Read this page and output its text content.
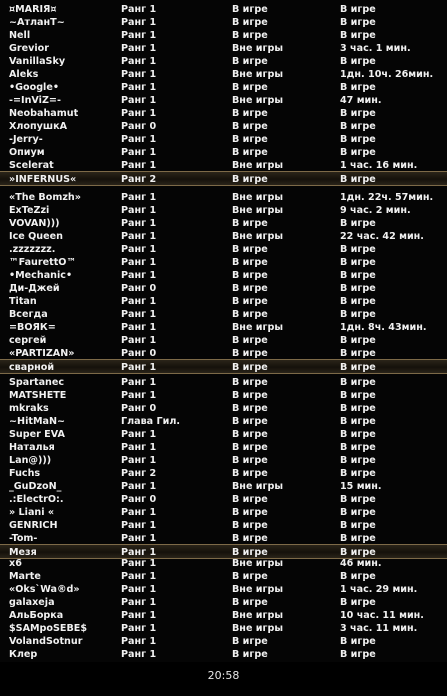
¤MARIЯ¤	Ранг 1	В игре	В игре
~АтланТ~	Ранг 1	В игре	В игре
Nell	Ранг 1	В игре	В игре
Grevior	Ранг 1	Вне игры	3 час. 1 мин.
VanillaSky	Ранг 1	В игре	В игре
Aleks	Ранг 1	Вне игры	1дн. 10ч. 26мин.
•Google•	Ранг 1	В игре	В игре
-=InViZ=-	Ранг 1	Вне игры	47 мин.
Neobahamut	Ранг 1	В игре	В игре
ХлопушкА	Ранг 0	В игре	В игре
-Jerry-	Ранг 1	В игре	В игре
Опиум	Ранг 1	В игре	В игре
Scelerat	Ранг 1	Вне игры	1 час. 16 мин.
»INFERNUS«	Ранг 2	В игре	В игре
«The Bomzh»	Ранг 1	Вне игры	1дн. 22ч. 57мин.
ExTeZzi	Ранг 1	Вне игры	9 час. 2 мин.
VOVAN)))	Ранг 1	В игре	В игре
Ice Queen	Ранг 1	Вне игры	22 час. 42 мин.
.zzzzzzz.	Ранг 1	В игре	В игре
™FaurettO™	Ранг 1	В игре	В игре
•Mechanic•	Ранг 1	В игре	В игре
Ди-Джей	Ранг 0	В игре	В игре
Titan	Ранг 1	В игре	В игре
Всегда	Ранг 1	В игре	В игре
=ВОЯК=	Ранг 1	Вне игры	1дн. 8ч. 43мин.
сергей	Ранг 1	В игре	В игре
«PARTIZAN»	Ранг 0	В игре	В игре
сварной	Ранг 1	В игре	В игре
Spartanec	Ранг 1	В игре	В игре
MATSHETE	Ранг 1	В игре	В игре
mkraks	Ранг 0	В игре	В игре
~HitMaN~	Глава Гил.	В игре	В игре
Super EVA	Ранг 1	В игре	В игре
Наталья	Ранг 1	В игре	В игре
Lan@)))	Ранг 1	В игре	В игре
Fuchs	Ранг 2	В игре	В игре
_GuDzoN_	Ранг 1	Вне игры	15 мин.
.:ElectrO:.	Ранг 0	В игре	В игре
» Liani «	Ранг 1	В игре	В игре
GENRICH	Ранг 1	В игре	В игре
-Tom-	Ранг 1	В игре	В игре
Мезя	Ранг 1	В игре	В игре
x6	Ранг 1	Вне игры	46 мин.
Marte	Ранг 1	В игре	В игре
«Oks`Wa®d»	Ранг 1	Вне игры	1 час. 29 мин.
galaxeja	Ранг 1	В игре	В игре
АльБорка	Ранг 1	Вне игры	10 час. 11 мин.
$SAMpoSEBE$	Ранг 1	Вне игры	3 час. 11 мин.
VolandSotnur	Ранг 1	В игре	В игре
Клер	Ранг 1	В игре	В игре
20:58
